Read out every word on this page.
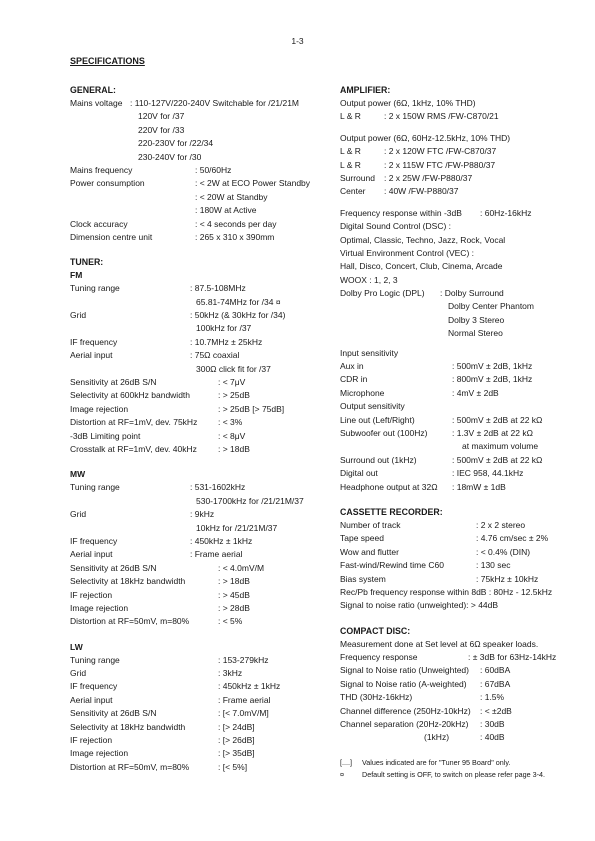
1-3
SPECIFICATIONS
GENERAL:
Mains voltage : 110-127V/220-240V Switchable for /21/21M
120V for /37
220V for /33
220-230V for /22/34
230-240V for /30
Mains frequency	: 50/60Hz
Power consumption	: < 2W at ECO Power Standby
: < 20W at Standby
: 180W at Active
Clock accuracy	: < 4 seconds per day
Dimension centre unit	: 265 x 310 x 390mm
TUNER:
FM
Tuning range	: 87.5-108MHz
65.81-74MHz for /34 ¤
Grid	: 50kHz (& 30kHz for /34)
100kHz for /37
IF frequency	: 10.7MHz ± 25kHz
Aerial input	: 75Ω coaxial
300Ω click fit for /37
Sensitivity at 26dB S/N	: < 7μV
Selectivity at 600kHz bandwidth	: > 25dB
Image rejection	: > 25dB [> 75dB]
Distortion at RF=1mV, dev. 75kHz : < 3%
-3dB Limiting point	: < 8μV
Crosstalk at RF=1mV, dev. 40kHz : > 18dB
MW
Tuning range	: 531-1602kHz
530-1700kHz for /21/21M/37
Grid	: 9kHz
10kHz for /21/21M/37
IF frequency	: 450kHz ± 1kHz
Aerial input	: Frame aerial
Sensitivity at 26dB S/N	: < 4.0mV/M
Selectivity at 18kHz bandwidth	: > 18dB
IF rejection	: > 45dB
Image rejection	: > 28dB
Distortion at RF=50mV, m=80%	: < 5%
LW
Tuning range	: 153-279kHz
Grid	: 3kHz
IF frequency	: 450kHz ± 1kHz
Aerial input	: Frame aerial
Sensitivity at 26dB S/N	: [< 7.0mV/M]
Selectivity at 18kHz bandwidth	: [> 24dB]
IF rejection	: [> 26dB]
Image rejection	: [> 35dB]
Distortion at RF=50mV, m=80%	: [< 5%]
AMPLIFIER:
Output power (6Ω, 1kHz, 10% THD)
L & R	: 2 x 150W RMS /FW-C870/21
Output power (6Ω, 60Hz-12.5kHz, 10% THD)
L & R	: 2 x 120W FTC /FW-C870/37
L & R	: 2 x 115W FTC /FW-P880/37
Surround : 2 x 25W /FW-P880/37
Center : 40W /FW-P880/37
Frequency response within -3dB : 60Hz-16kHz
Digital Sound Control (DSC) :
Optimal, Classic, Techno, Jazz, Rock, Vocal
Virtual Environment Control (VEC) :
Hall, Disco, Concert, Club, Cinema, Arcade
WOOX : 1, 2, 3
Dolby Pro Logic (DPL) : Dolby Surround
Dolby Center Phantom
Dolby 3 Stereo
Normal Stereo
Input sensitivity
Aux in	: 500mV ± 2dB, 1kHz
CDR in	: 800mV ± 2dB, 1kHz
Microphone	: 4mV ± 2dB
Output sensitivity
Line out (Left/Right)	: 500mV ± 2dB at 22 kΩ
Subwoofer out (100Hz)	: 1.3V ± 2dB at 22 kΩ
at maximum volume
Surround out (1kHz)	: 500mV ± 2dB at 22 kΩ
Digital out	: IEC 958, 44.1kHz
Headphone output at 32Ω : 18mW ± 1dB
CASSETTE RECORDER:
Number of track	: 2 x 2 stereo
Tape speed	: 4.76 cm/sec ± 2%
Wow and flutter	: < 0.4% (DIN)
Fast-wind/Rewind time C60	: 130 sec
Bias system	: 75kHz ± 10kHz
Rec/Pb frequency response within 8dB : 80Hz - 12.5kHz
Signal to noise ratio (unweighted): > 44dB
COMPACT DISC:
Measurement done at Set level at 6Ω speaker loads.
Frequency response	: ± 3dB for 63Hz-14kHz
Signal to Noise ratio (Unweighted) : 60dBA
Signal to Noise ratio (A-weighted) : 67dBA
THD (30Hz-16kHz)	: 1.5%
Channel difference (250Hz-10kHz) : < ±2dB
Channel separation (20Hz-20kHz) : 30dB
(1kHz)	: 40dB
[....] Values indicated are for "Tuner 95 Board" only.
¤	Default setting is OFF, to switch on please refer page 3-4.
